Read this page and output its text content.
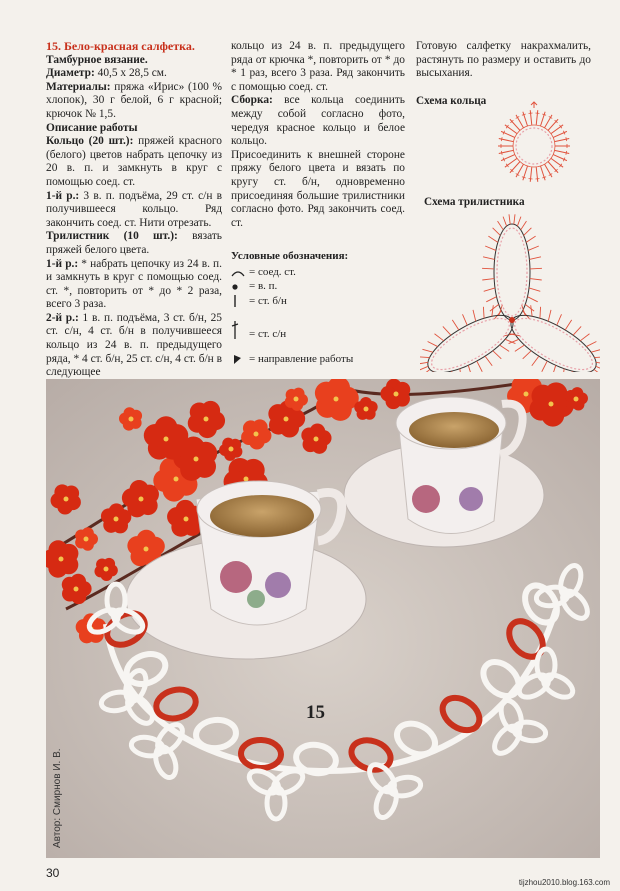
15. Бело-красная салфетка.

Тамбурное вязание.

Диаметр: 40,5 х 28,5 см.

Материалы: пряжа «Ирис» (100 % хлопок), 30 г белой, 6 г красной; крючок № 1,5.

Описание работы

Кольцо (20 шт.): пряжей красного (белого) цветов набрать цепочку из 20 в. п. и замкнуть в круг с помощью соед. ст.

1-й р.: 3 в. п. подъёма, 29 ст. с/н в получившееся кольцо. Ряд закончить соед. ст. Нити отрезать.

Трилистник (10 шт.): вязать пряжей белого цвета.

1-й р.: * набрать цепочку из 24 в. п. и замкнуть в круг с помощью соед. ст. *, повторить от * до * 2 раза, всего 3 раза.

2-й р.: 1 в. п. подъёма, 3 ст. б/н, 25 ст. с/н, 4 ст. б/н в получившееся кольцо из 24 в. п. предыдущего ряда, * 4 ст. б/н, 25 ст. с/н, 4 ст. б/н в следующее

кольцо из 24 в. п. предыдущего ряда от крючка *, повторить от * до * 1 раз, всего 3 раза. Ряд закончить с помощью соед. ст.

Сборка: все кольца соединить между собой согласно фото, чередуя красное кольцо и белое кольцо.

Присоединить к внешней стороне пряжу белого цвета и вязать по кругу ст. б/н, одновременно присоединяя большие трилистники согласно фото. Ряд закончить соед. ст.

Готовую салфетку накрахмалить, растянуть по размеру и оставить до высыхания.

Схема кольца
Схема трилистника
Условные обозначения:
= соед. ст.
= в. п.
= ст. б/н
= ст. с/н
= направление работы
15
Автор: Смирнов И. В.
30
tijzhou2010.blog.163.com
